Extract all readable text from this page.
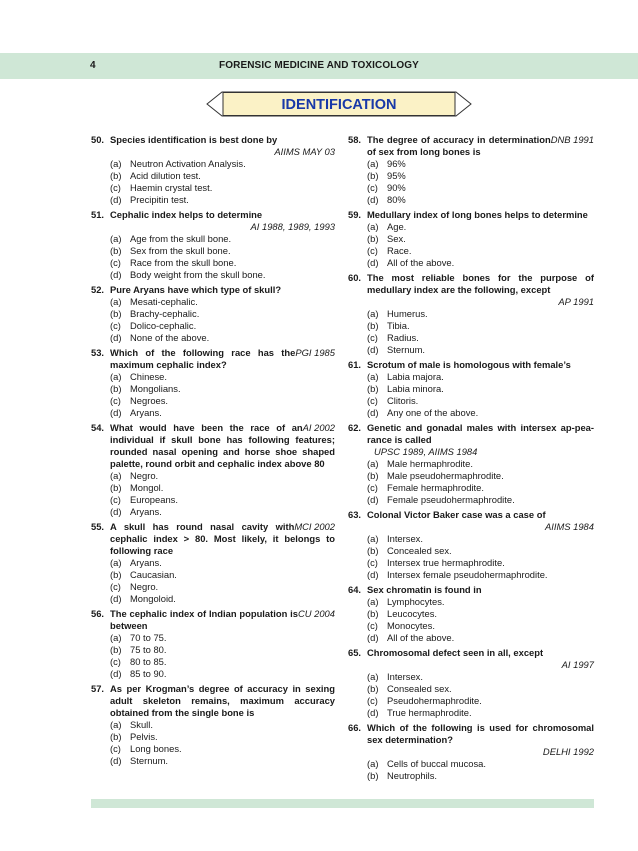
4	FORENSIC MEDICINE AND TOXICOLOGY
IDENTIFICATION
50. Species identification is best done by
AIIMS MAY 03
(a) Neutron Activation Analysis.
(b) Acid dilution test.
(c) Haemin crystal test.
(d) Precipitin test.
51. Cephalic index helps to determine
AI 1988, 1989, 1993
(a) Age from the skull bone.
(b) Sex from the skull bone.
(c) Race from the skull bone.
(d) Body weight from the skull bone.
52. Pure Aryans have which type of skull?
(a) Mesati-cephalic.
(b) Brachy-cephalic.
(c) Dolico-cephalic.
(d) None of the above.
53.	PGI 1985
Which of the following race has the maximum cephalic index?
(a) Chinese.
(b) Mongolians.
(c) Negroes.
(d) Aryans.
54.	AI 2002
What would have been the race of an individual if skull bone has following features; rounded nasal opening and horse shoe shaped palette, round orbit and cephalic index above 80
(a) Negro.
(b) Mongol.
(c) Europeans.
(d) Aryans.
55.	MCI 2002
A skull has round nasal cavity with cephalic index > 80. Most likely, it belongs to following race
(a) Aryans.
(b) Caucasian.
(c) Negro.
(d) Mongoloid.
56.	CU 2004
The cephalic index of Indian population is between
(a) 70 to 75.
(b) 75 to 80.
(c) 80 to 85.
(d) 85 to 90.
57. As per Krogman’s degree of accuracy in sexing adult skeleton remains, maximum accuracy obtained from the single bone is
(a) Skull.
(b) Pelvis.
(c) Long bones.
(d) Sternum.
58.	DNB 1991
The degree of accuracy in determination of sex from long bones is
(a) 96%
(b) 95%
(c) 90%
(d) 80%
59. Medullary index of long bones helps to determine
(a) Age.
(b) Sex.
(c) Race.
(d) All of the above.
60. The most reliable bones for the purpose of medullary index are the following, except
AP 1991
(a) Humerus.
(b) Tibia.
(c) Radius.
(d) Sternum.
61. Scrotum of male is homologous with female’s
(a) Labia majora.
(b) Labia minora.
(c) Clitoris.
(d) Any one of the above.
62. Genetic and gonadal males with intersex ap-pea-rance is called
UPSC 1989, AIIMS 1984
(a) Male hermaphrodite.
(b) Male pseudohermaphrodite.
(c) Female hermaphrodite.
(d) Female pseudohermaphrodite.
63. Colonal Victor Baker case was a case of
AIIMS 1984
(a) Intersex.
(b) Concealed sex.
(c) Intersex true hermaphrodite.
(d) Intersex female pseudohermaphrodite.
64. Sex chromatin is found in
(a) Lymphocytes.
(b) Leucocytes.
(c) Monocytes.
(d) All of the above.
65. Chromosomal defect seen in all, except
AI 1997
(a) Intersex.
(b) Consealed sex.
(c) Pseudohermaphrodite.
(d) True hermaphrodite.
66. Which of the following is used for chromosomal sex determination?
DELHI 1992
(a) Cells of buccal mucosa.
(b) Neutrophils.
